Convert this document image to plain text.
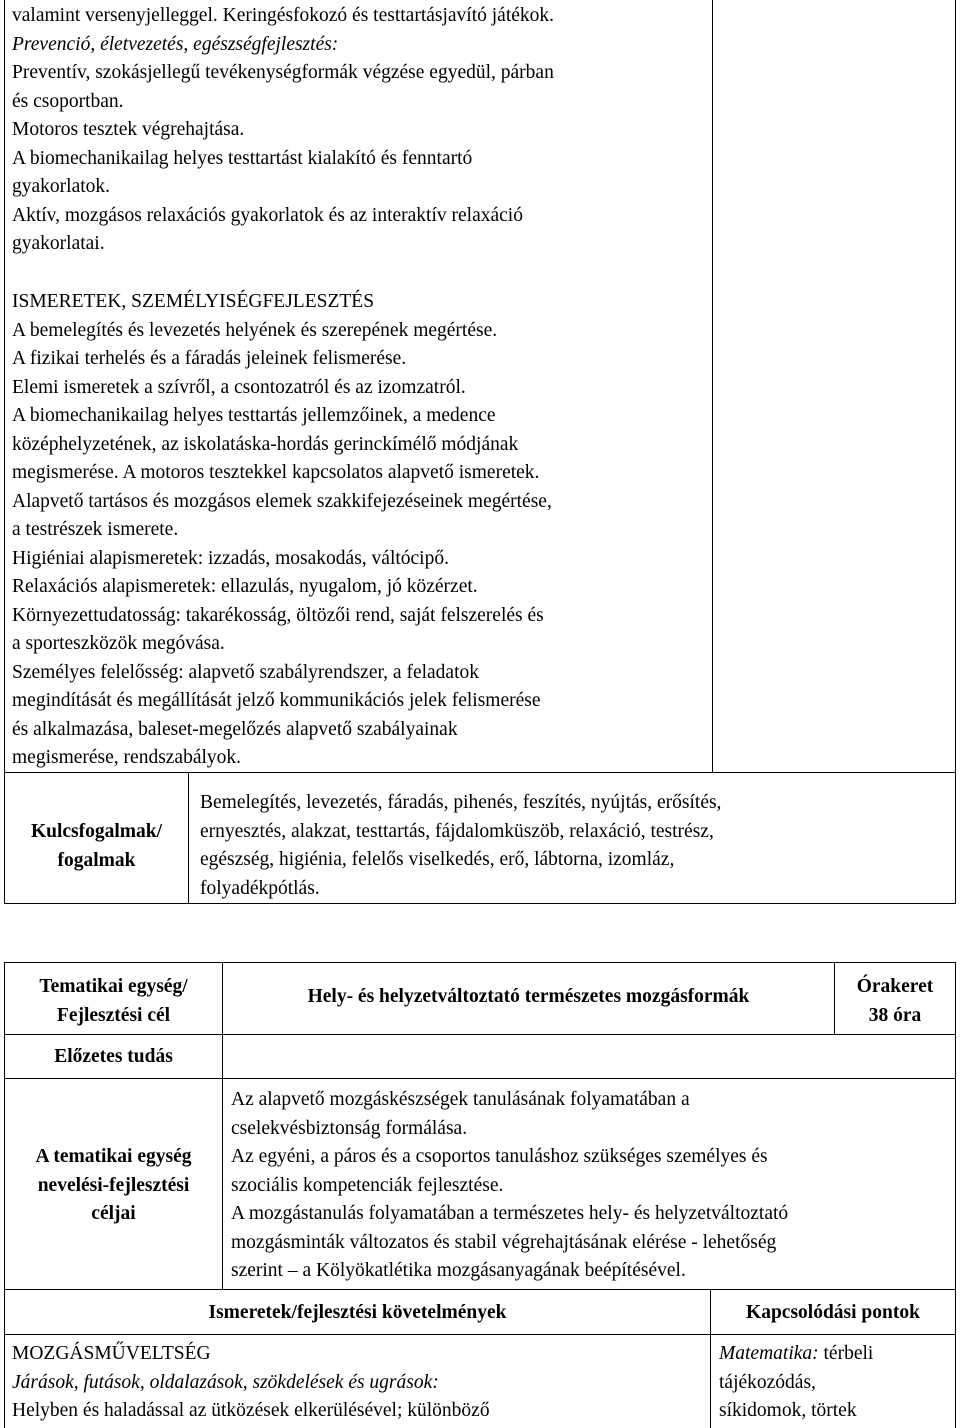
valamint versenyjelleggel. Keringésfokozó és testtartásjavító játékok.
Prevenció, életvezetés, egészségfejlesztés:
Preventív, szokásjellegű tevékenységformák végzése egyedül, párban
és csoportban.
Motoros tesztek végrehajtása.
A biomechanikailag helyes testtartást kialakító és fenntartó
gyakorlatok.
Aktív, mozgásos relaxációs gyakorlatok és az interaktív relaxáció
gyakorlatai.
ISMERETEK, SZEMÉLYISÉGFEJLESZTÉS
A bemelegítés és levezetés helyének és szerepének megértése.
A fizikai terhelés és a fáradás jeleinek felismerése.
Elemi ismeretek a szívről, a csontozatról és az izomzatról.
A biomechanikailag helyes testtartás jellemzőinek, a medence
középhelyzetének, az iskolatáska-hordás gerinckímélő módjának
megismerése. A motoros tesztekkel kapcsolatos alapvető ismeretek.
Alapvető tartásos és mozgásos elemek szakkifejezéseinek megértése,
a testrészek ismerete.
Higiéniai alapismeretek: izzadás, mosakodás, váltócipő.
Relaxációs alapismeretek: ellazulás, nyugalom, jó közérzet.
Környezettudatosság: takarékosság, öltözői rend, saját felszerelés és
a sporteszközök megóvása.
Személyes felelősség: alapvető szabályrendszer, a feladatok
megindítását és megállítását jelző kommunikációs jelek felismerése
és alkalmazása, baleset-megelőzés alapvető szabályainak
megismerése, rendszabályok.
Kulcsfogalmak/
fogalmak
Bemelegítés, levezetés, fáradás, pihenés, feszítés, nyújtás, erősítés,
ernyesztés, alakzat, testtartás, fájdalomküszöb, relaxáció, testrész,
egészség, higiénia, felelős viselkedés, erő, lábtorna, izomláz,
folyadékpótlás.
Tematikai egység/
Fejlesztési cél
Hely- és helyzetváltoztató természetes mozgásformák	Órakeret
38 óra
Előzetes tudás
A tematikai egység
nevelési-fejlesztési
céljai
Az alapvető mozgáskészségek tanulásának folyamatában a
cselekvésbiztonság formálása.
Az egyéni, a páros és a csoportos tanuláshoz szükséges személyes és
szociális kompetenciák fejlesztése.
A mozgástanulás folyamatában a természetes hely- és helyzetváltoztató
mozgásminták változatos és stabil végrehajtásának elérése - lehetőség
szerint – a Kölyökatlétika mozgásanyagának beépítésével.
Ismeretek/fejlesztési követelmények	Kapcsolódási pontok
MOZGÁSMŰVELTSÉG
Járások, futások, oldalazások, szökdelések és ugrások:
Helyben és haladással az ütközések elkerülésével; különböző
Matematika: térbeli
tájékozódás,
síkidomok, törtek
